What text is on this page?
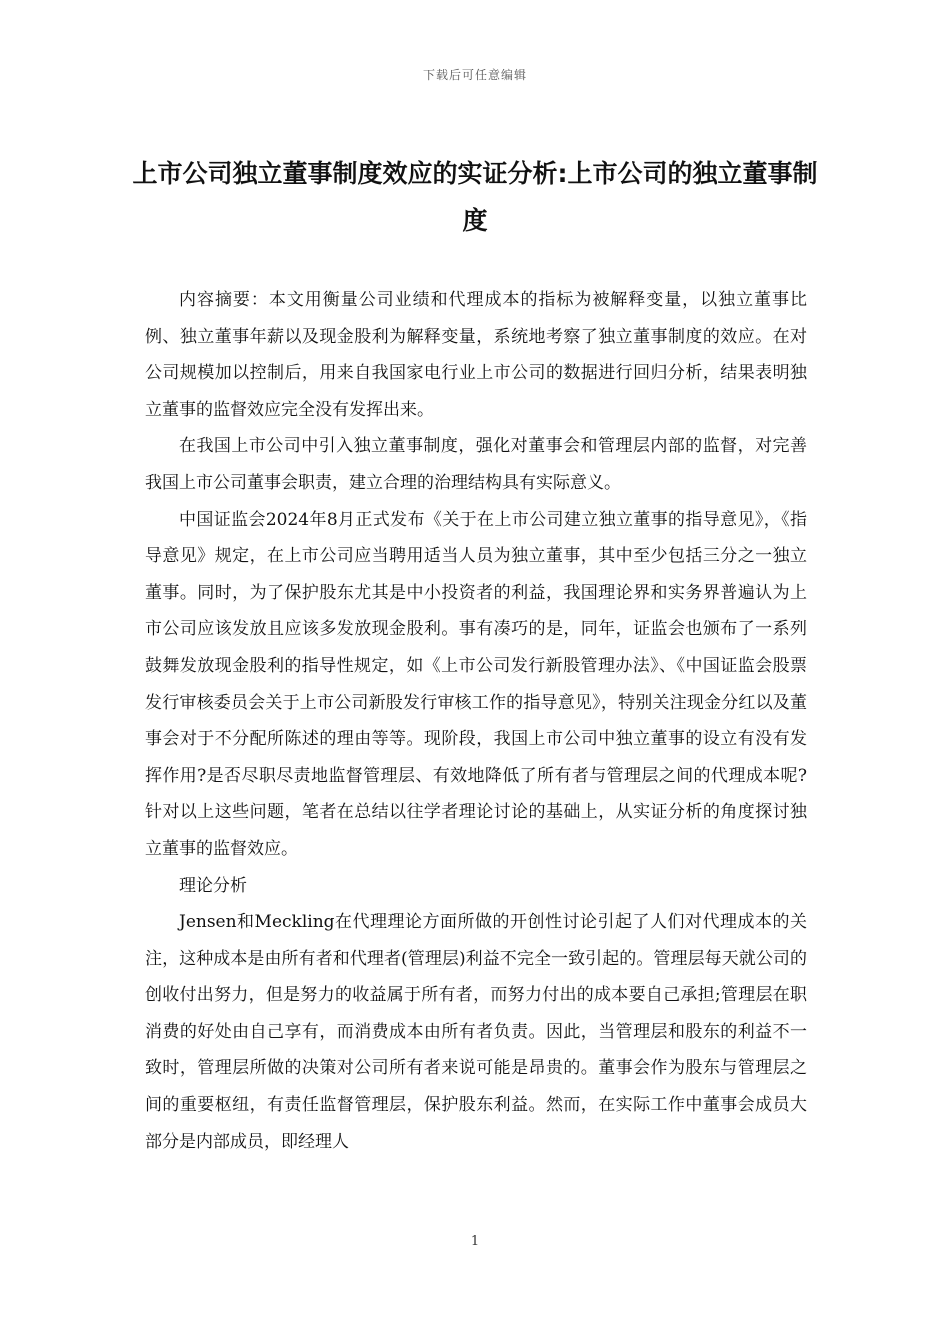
下载后可任意编辑
上市公司独立董事制度效应的实证分析:上市公司的独立董事制度

内容摘要：本文用衡量公司业绩和代理成本的指标为被解释变量，以独立董事比例、独立董事年薪以及现金股利为解释变量，系统地考察了独立董事制度的效应。在对公司规模加以控制后，用来自我国家电行业上市公司的数据进行回归分析，结果表明独立董事的监督效应完全没有发挥出来。

在我国上市公司中引入独立董事制度，强化对董事会和管理层内部的监督，对完善我国上市公司董事会职责，建立合理的治理结构具有实际意义。

中国证监会2024年8月正式发布《关于在上市公司建立独立董事的指导意见》，《指导意见》规定，在上市公司应当聘用适当人员为独立董事，其中至少包括三分之一独立董事。同时，为了保护股东尤其是中小投资者的利益，我国理论界和实务界普遍认为上市公司应该发放且应该多发放现金股利。事有凑巧的是，同年，证监会也颁布了一系列鼓舞发放现金股利的指导性规定，如《上市公司发行新股管理办法》、《中国证监会股票发行审核委员会关于上市公司新股发行审核工作的指导意见》，特别关注现金分红以及董事会对于不分配所陈述的理由等等。现阶段，我国上市公司中独立董事的设立有没有发挥作用?是否尽职尽责地监督管理层、有效地降低了所有者与管理层之间的代理成本呢?针对以上这些问题，笔者在总结以往学者理论讨论的基础上，从实证分析的角度探讨独立董事的监督效应。

理论分析

Jensen和Meckling在代理理论方面所做的开创性讨论引起了人们对代理成本的关注，这种成本是由所有者和代理者(管理层)利益不完全一致引起的。管理层每天就公司的创收付出努力，但是努力的收益属于所有者，而努力付出的成本要自己承担;管理层在职消费的好处由自己享有，而消费成本由所有者负责。因此，当管理层和股东的利益不一致时，管理层所做的决策对公司所有者来说可能是昂贵的。董事会作为股东与管理层之间的重要枢纽，有责任监督管理层，保护股东利益。然而，在实际工作中董事会成员大部分是内部成员，即经理人

1
